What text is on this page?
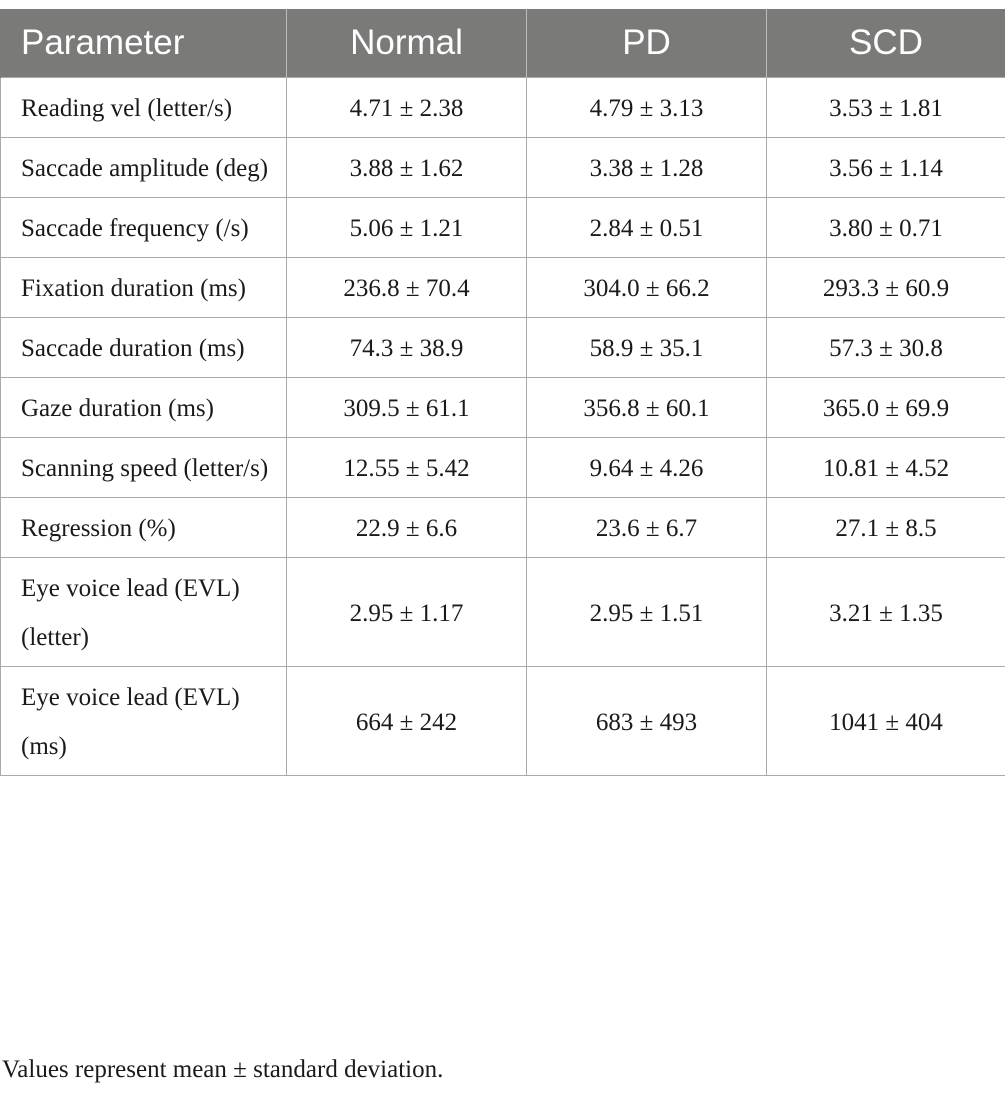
Parameter	Normal	PD	SCD
Reading vel (letter/s)	4.71 ± 2.38	4.79 ± 3.13	3.53 ± 1.81
Saccade amplitude (deg)	3.88 ± 1.62	3.38 ± 1.28	3.56 ± 1.14
Saccade frequency (/s)	5.06 ± 1.21	2.84 ± 0.51	3.80 ± 0.71
Fixation duration (ms)	236.8 ± 70.4	304.0 ± 66.2	293.3 ± 60.9
Saccade duration (ms)	74.3 ± 38.9	58.9 ± 35.1	57.3 ± 30.8
Gaze duration (ms)	309.5 ± 61.1	356.8 ± 60.1	365.0 ± 69.9
Scanning speed (letter/s)	12.55 ± 5.42	9.64 ± 4.26	10.81 ± 4.52
Regression (%)	22.9 ± 6.6	23.6 ± 6.7	27.1 ± 8.5
Eye voice lead (EVL) (letter)	2.95 ± 1.17	2.95 ± 1.51	3.21 ± 1.35
Eye voice lead (EVL) (ms)	664 ± 242	683 ± 493	1041 ± 404

Values represent mean ± standard deviation.
